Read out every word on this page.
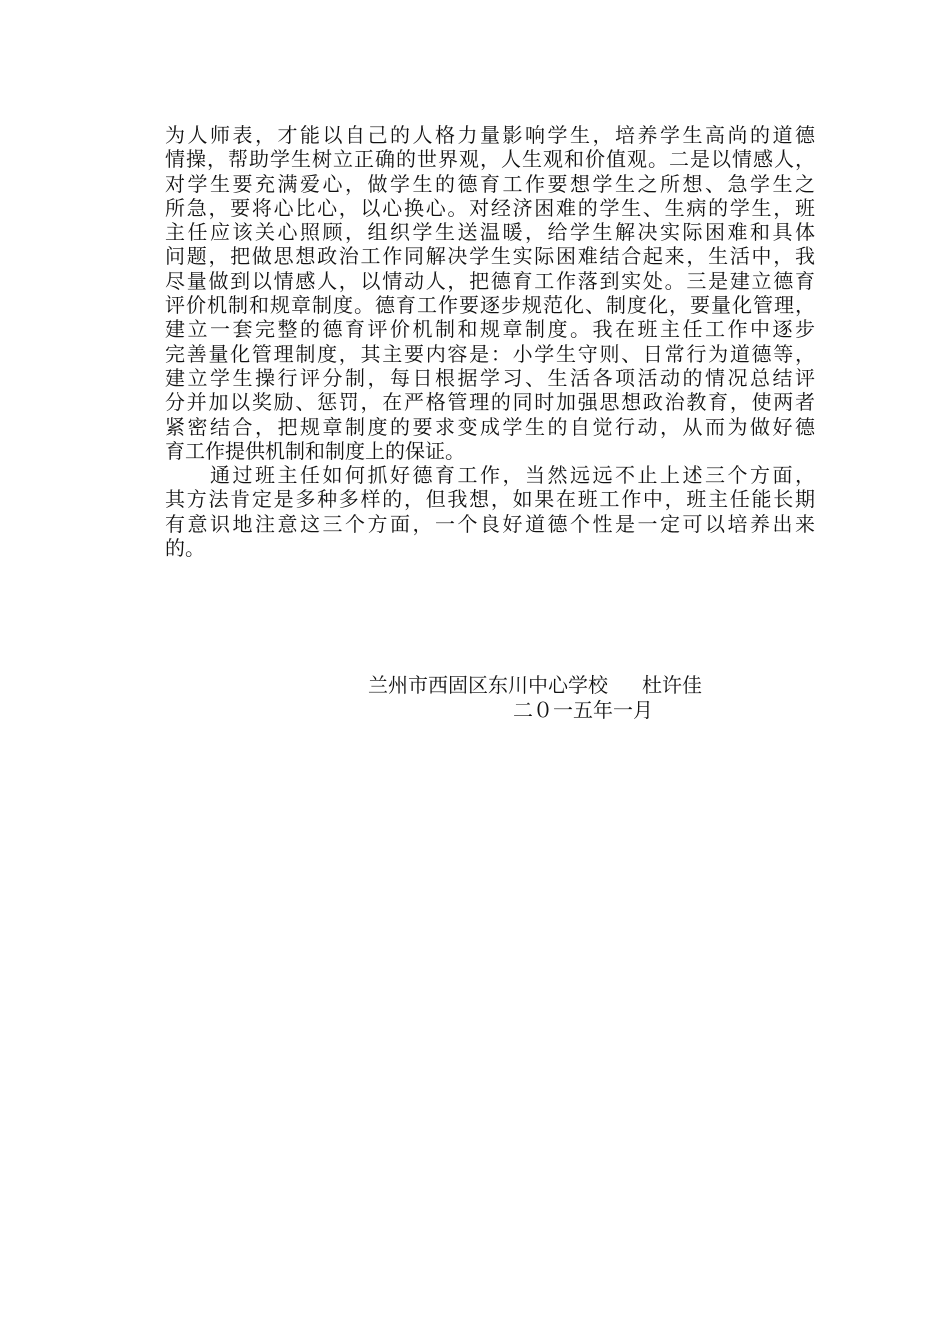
为人师表，才能以自己的人格力量影响学生，培养学生高尚的道德
情操，帮助学生树立正确的世界观，人生观和价值观。二是以情感人，
对学生要充满爱心，做学生的德育工作要想学生之所想、急学生之
所急，要将心比心，以心换心。对经济困难的学生、生病的学生，班
主任应该关心照顾，组织学生送温暖，给学生解决实际困难和具体
问题，把做思想政治工作同解决学生实际困难结合起来，生活中，我
尽量做到以情感人，以情动人，把德育工作落到实处。三是建立德育
评价机制和规章制度。德育工作要逐步规范化、制度化，要量化管理，
建立一套完整的德育评价机制和规章制度。我在班主任工作中逐步
完善量化管理制度，其主要内容是：小学生守则、日常行为道德等，
建立学生操行评分制，每日根据学习、生活各项活动的情况总结评
分并加以奖励、惩罚，在严格管理的同时加强思想政治教育，使两者
紧密结合，把规章制度的要求变成学生的自觉行动，从而为做好德
育工作提供机制和制度上的保证。
　　通过班主任如何抓好德育工作，当然远远不止上述三个方面，
其方法肯定是多种多样的，但我想，如果在班工作中，班主任能长期
有意识地注意这三个方面，一个良好道德个性是一定可以培养出来
的。
兰州市西固区东川中心学校 杜许佳
二０一五年一月
